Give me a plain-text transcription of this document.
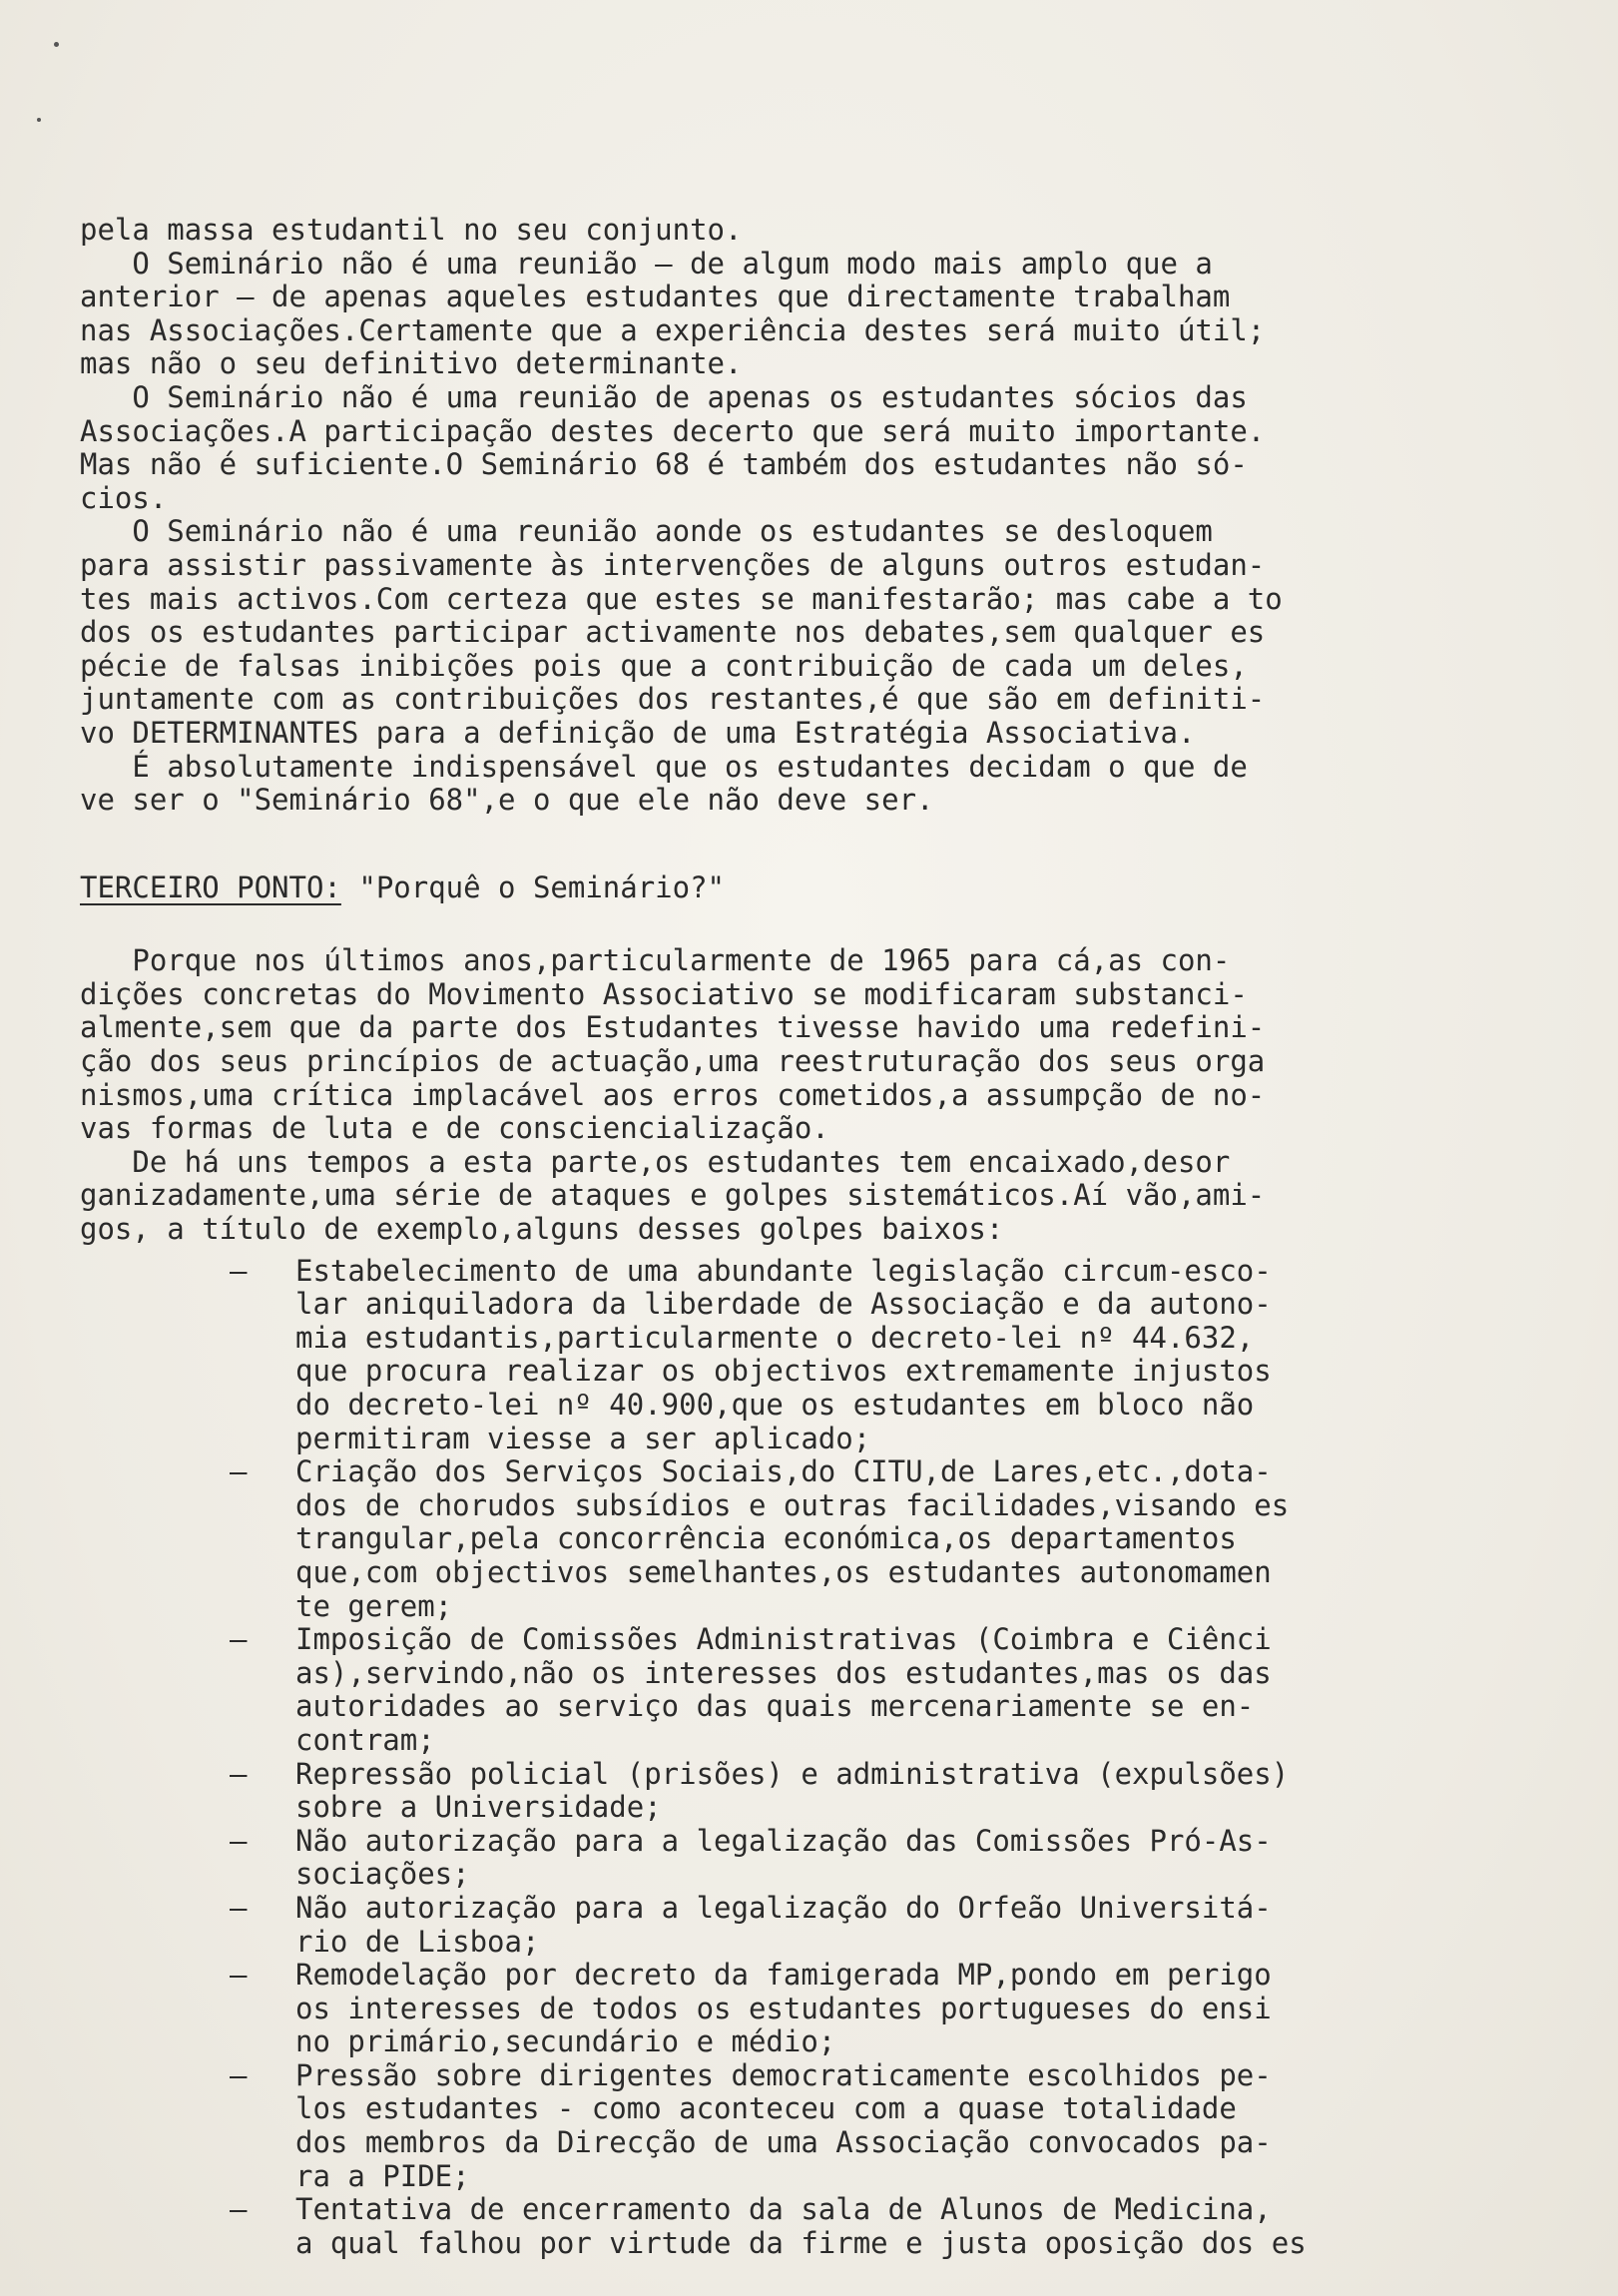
pela massa estudantil no seu conjunto.
O Seminário não é uma reunião — de algum modo mais amplo que a
anterior — de apenas aqueles estudantes que directamente trabalham
nas Associações.Certamente que a experiência destes será muito útil;
mas não o seu definitivo determinante.
O Seminário não é uma reunião de apenas os estudantes sócios das
Associações.A participação destes decerto que será muito importante.
Mas não é suficiente.O Seminário 68 é também dos estudantes não só-
cios.
O Seminário não é uma reunião aonde os estudantes se desloquem
para assistir passivamente às intervenções de alguns outros estudan-
tes mais activos.Com certeza que estes se manifestarão; mas cabe a to
dos os estudantes participar activamente nos debates,sem qualquer es
pécie de falsas inibições pois que a contribuição de cada um deles,
juntamente com as contribuições dos restantes,é que são em definiti-
vo DETERMINANTES para a definição de uma Estratégia Associativa.
É absolutamente indispensável que os estudantes decidam o que de
ve ser o "Seminário 68",e o que ele não deve ser.
TERCEIRO PONTO: "Porquê o Seminário?"
Porque nos últimos anos,particularmente de 1965 para cá,as con-
dições concretas do Movimento Associativo se modificaram substanci-
almente,sem que da parte dos Estudantes tivesse havido uma redefini-
ção dos seus princípios de actuação,uma reestruturação dos seus orga
nismos,uma crítica implacável aos erros cometidos,a assumpção de no-
vas formas de luta e de consciencialização.
De há uns tempos a esta parte,os estudantes tem encaixado,desor
ganizadamente,uma série de ataques e golpes sistemáticos.Aí vão,ami-
gos, a título de exemplo,alguns desses golpes baixos:
—	Estabelecimento de uma abundante legislação circum-esco-
lar aniquiladora da liberdade de Associação e da autono-
mia estudantis,particularmente o decreto-lei nº 44.632,
que procura realizar os objectivos extremamente injustos
do decreto-lei nº 40.900,que os estudantes em bloco não
permitiram viesse a ser aplicado;
—	Criação dos Serviços Sociais,do CITU,de Lares,etc.,dota-
dos de chorudos subsídios e outras facilidades,visando es
trangular,pela concorrência económica,os departamentos
que,com objectivos semelhantes,os estudantes autonomamen
te gerem;
—	Imposição de Comissões Administrativas (Coimbra e Ciênci
as),servindo,não os interesses dos estudantes,mas os das
autoridades ao serviço das quais mercenariamente se en-
contram;
—	Repressão policial (prisões) e administrativa (expulsões)
sobre a Universidade;
—	Não autorização para a legalização das Comissões Pró-As-
sociações;
—	Não autorização para a legalização do Orfeão Universitá-
rio de Lisboa;
—	Remodelação por decreto da famigerada MP,pondo em perigo
os interesses de todos os estudantes portugueses do ensi
no primário,secundário e médio;
—	Pressão sobre dirigentes democraticamente escolhidos pe-
los estudantes - como aconteceu com a quase totalidade
dos membros da Direcção de uma Associação convocados pa-
ra a PIDE;
—	Tentativa de encerramento da sala de Alunos de Medicina,
a qual falhou por virtude da firme e justa oposição dos es
